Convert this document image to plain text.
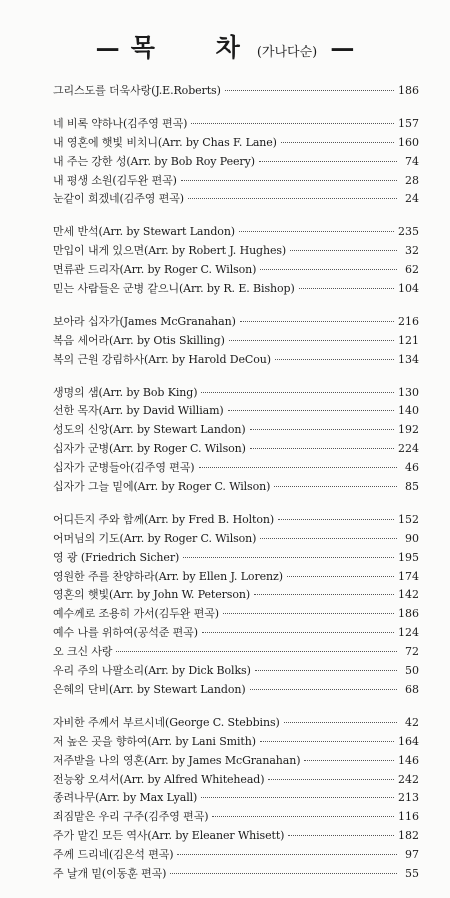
— 목 차 (가나다순) —
그리스도를 더욱사랑(J.E.Roberts)	186
네 비록 약하나(김주영 편곡)	157
내 영혼에 햇빛 비치니(Arr. by Chas F. Lane)	160
내 주는 강한 성(Arr. by Bob Roy Peery)	74
내 평생 소원(김두완 편곡)	28
눈같이 희겠네(김주영 편곡)	24
만세 반석(Arr. by Stewart Landon)	235
만입이 내게 있으면(Arr. by Robert J. Hughes)	32
면류관 드리자(Arr. by Roger C. Wilson)	62
믿는 사람들은 군병 같으니(Arr. by R. E. Bishop)	104
보아라 십자가(James McGranahan)	216
복음 세어라(Arr. by Otis Skilling)	121
복의 근원 강림하사(Arr. by Harold DeCou)	134
생명의 샘(Arr. by Bob King)	130
선한 목자(Arr. by David William)	140
성도의 신앙(Arr. by Stewart Landon)	192
십자가 군병(Arr. by Roger C. Wilson)	224
십자가 군병들아(김주영 편곡)	46
십자가 그늘 밑에(Arr. by Roger C. Wilson)	85
어디든지 주와 함께(Arr. by Fred B. Holton)	152
어머님의 기도(Arr. by Roger C. Wilson)	90
영 광 (Friedrich Sicher)	195
영원한 주를 찬양하라(Arr. by Ellen J. Lorenz)	174
영혼의 햇빛(Arr. by John W. Peterson)	142
예수께로 조용히 가서(김두완 편곡)	186
예수 나를 위하여(공석준 편곡)	124
오 크신 사랑	72
우리 주의 나팔소리(Arr. by Dick Bolks)	50
은혜의 단비(Arr. by Stewart Landon)	68
자비한 주께서 부르시네(George C. Stebbins)	42
저 높은 곳을 향하여(Arr. by Lani Smith)	164
저주받을 나의 영혼(Arr. by James McGranahan)	146
전능왕 오셔서(Arr. by Alfred Whitehead)	242
종려나무(Arr. by Max Lyall)	213
죄짐맡은 우리 구주(김주영 편곡)	116
주가 맡긴 모든 역사(Arr. by Eleaner Whisett)	182
주께 드리네(김은석 편곡)	97
주 날개 밑(이동훈 편곡)	55
